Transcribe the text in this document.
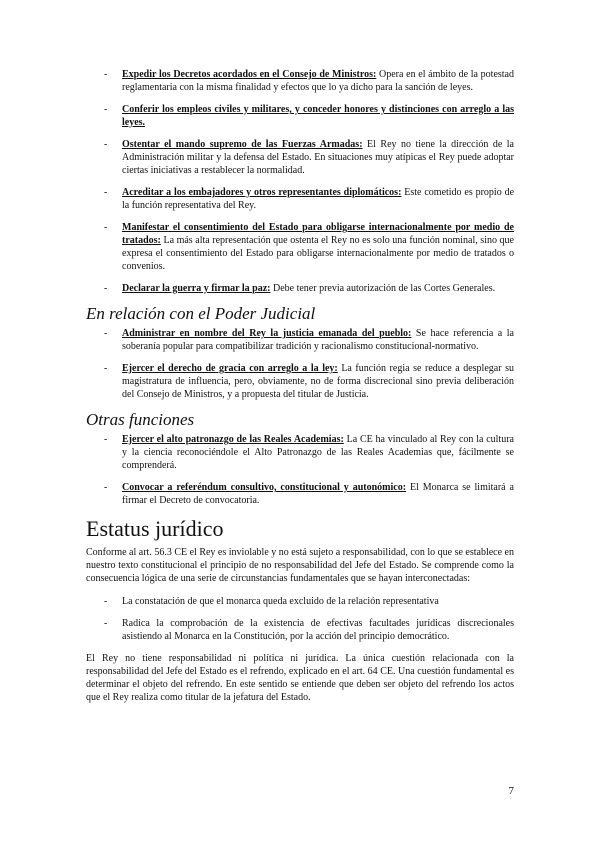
- Expedir los Decretos acordados en el Consejo de Ministros: Opera en el ámbito de la potestad reglamentaria con la misma finalidad y efectos que lo ya dicho para la sanción de leyes.
- Conferir los empleos civiles y militares, y conceder honores y distinciones con arreglo a las leyes.
- Ostentar el mando supremo de las Fuerzas Armadas: El Rey no tiene la dirección de la Administración militar y la defensa del Estado. En situaciones muy atípicas el Rey puede adoptar ciertas iniciativas a restablecer la normalidad.
- Acreditar a los embajadores y otros representantes diplomáticos: Este cometido es propio de la función representativa del Rey.
- Manifestar el consentimiento del Estado para obligarse internacionalmente por medio de tratados: La más alta representación que ostenta el Rey no es solo una función nominal, sino que expresa el consentimiento del Estado para obligarse internacionalmente por medio de tratados o convenios.
- Declarar la guerra y firmar la paz: Debe tener previa autorización de las Cortes Generales.
En relación con el Poder Judicial
- Administrar en nombre del Rey la justicia emanada del pueblo: Se hace referencia a la soberanía popular para compatibilizar tradición y racionalismo constitucional-normativo.
- Ejercer el derecho de gracia con arreglo a la ley: La función regia se reduce a desplegar su magistratura de influencia, pero, obviamente, no de forma discrecional sino previa deliberación del Consejo de Ministros, y a propuesta del titular de Justicia.
Otras funciones
- Ejercer el alto patronazgo de las Reales Academias: La CE ha vinculado al Rey con la cultura y la ciencia reconociéndole el Alto Patronazgo de las Reales Academias que, fácilmente se comprenderá.
- Convocar a referéndum consultivo, constitucional y autonómico: El Monarca se limitará a firmar el Decreto de convocatoria.
Estatus jurídico

Conforme al art. 56.3 CE el Rey es inviolable y no está sujeto a responsabilidad, con lo que se establece en nuestro texto constitucional el principio de no responsabilidad del Jefe del Estado. Se comprende como la consecuencia lógica de una serie de circunstancias fundamentales que se hayan interconectadas:

- La constatación de que el monarca queda excluido de la relación representativa
- Radica la comprobación de la existencia de efectivas facultades jurídicas discrecionales asistiendo al Monarca en la Constitución, por la acción del principio democrático.

El Rey no tiene responsabilidad ni política ni jurídica. La única cuestión relacionada con la responsabilidad del Jefe del Estado es el refrendo, explicado en el art. 64 CE. Una cuestión fundamental es determinar el objeto del refrendo. En este sentido se entiende que deben ser objeto del refrendo los actos que el Rey realiza como titular de la jefatura del Estado.

7
